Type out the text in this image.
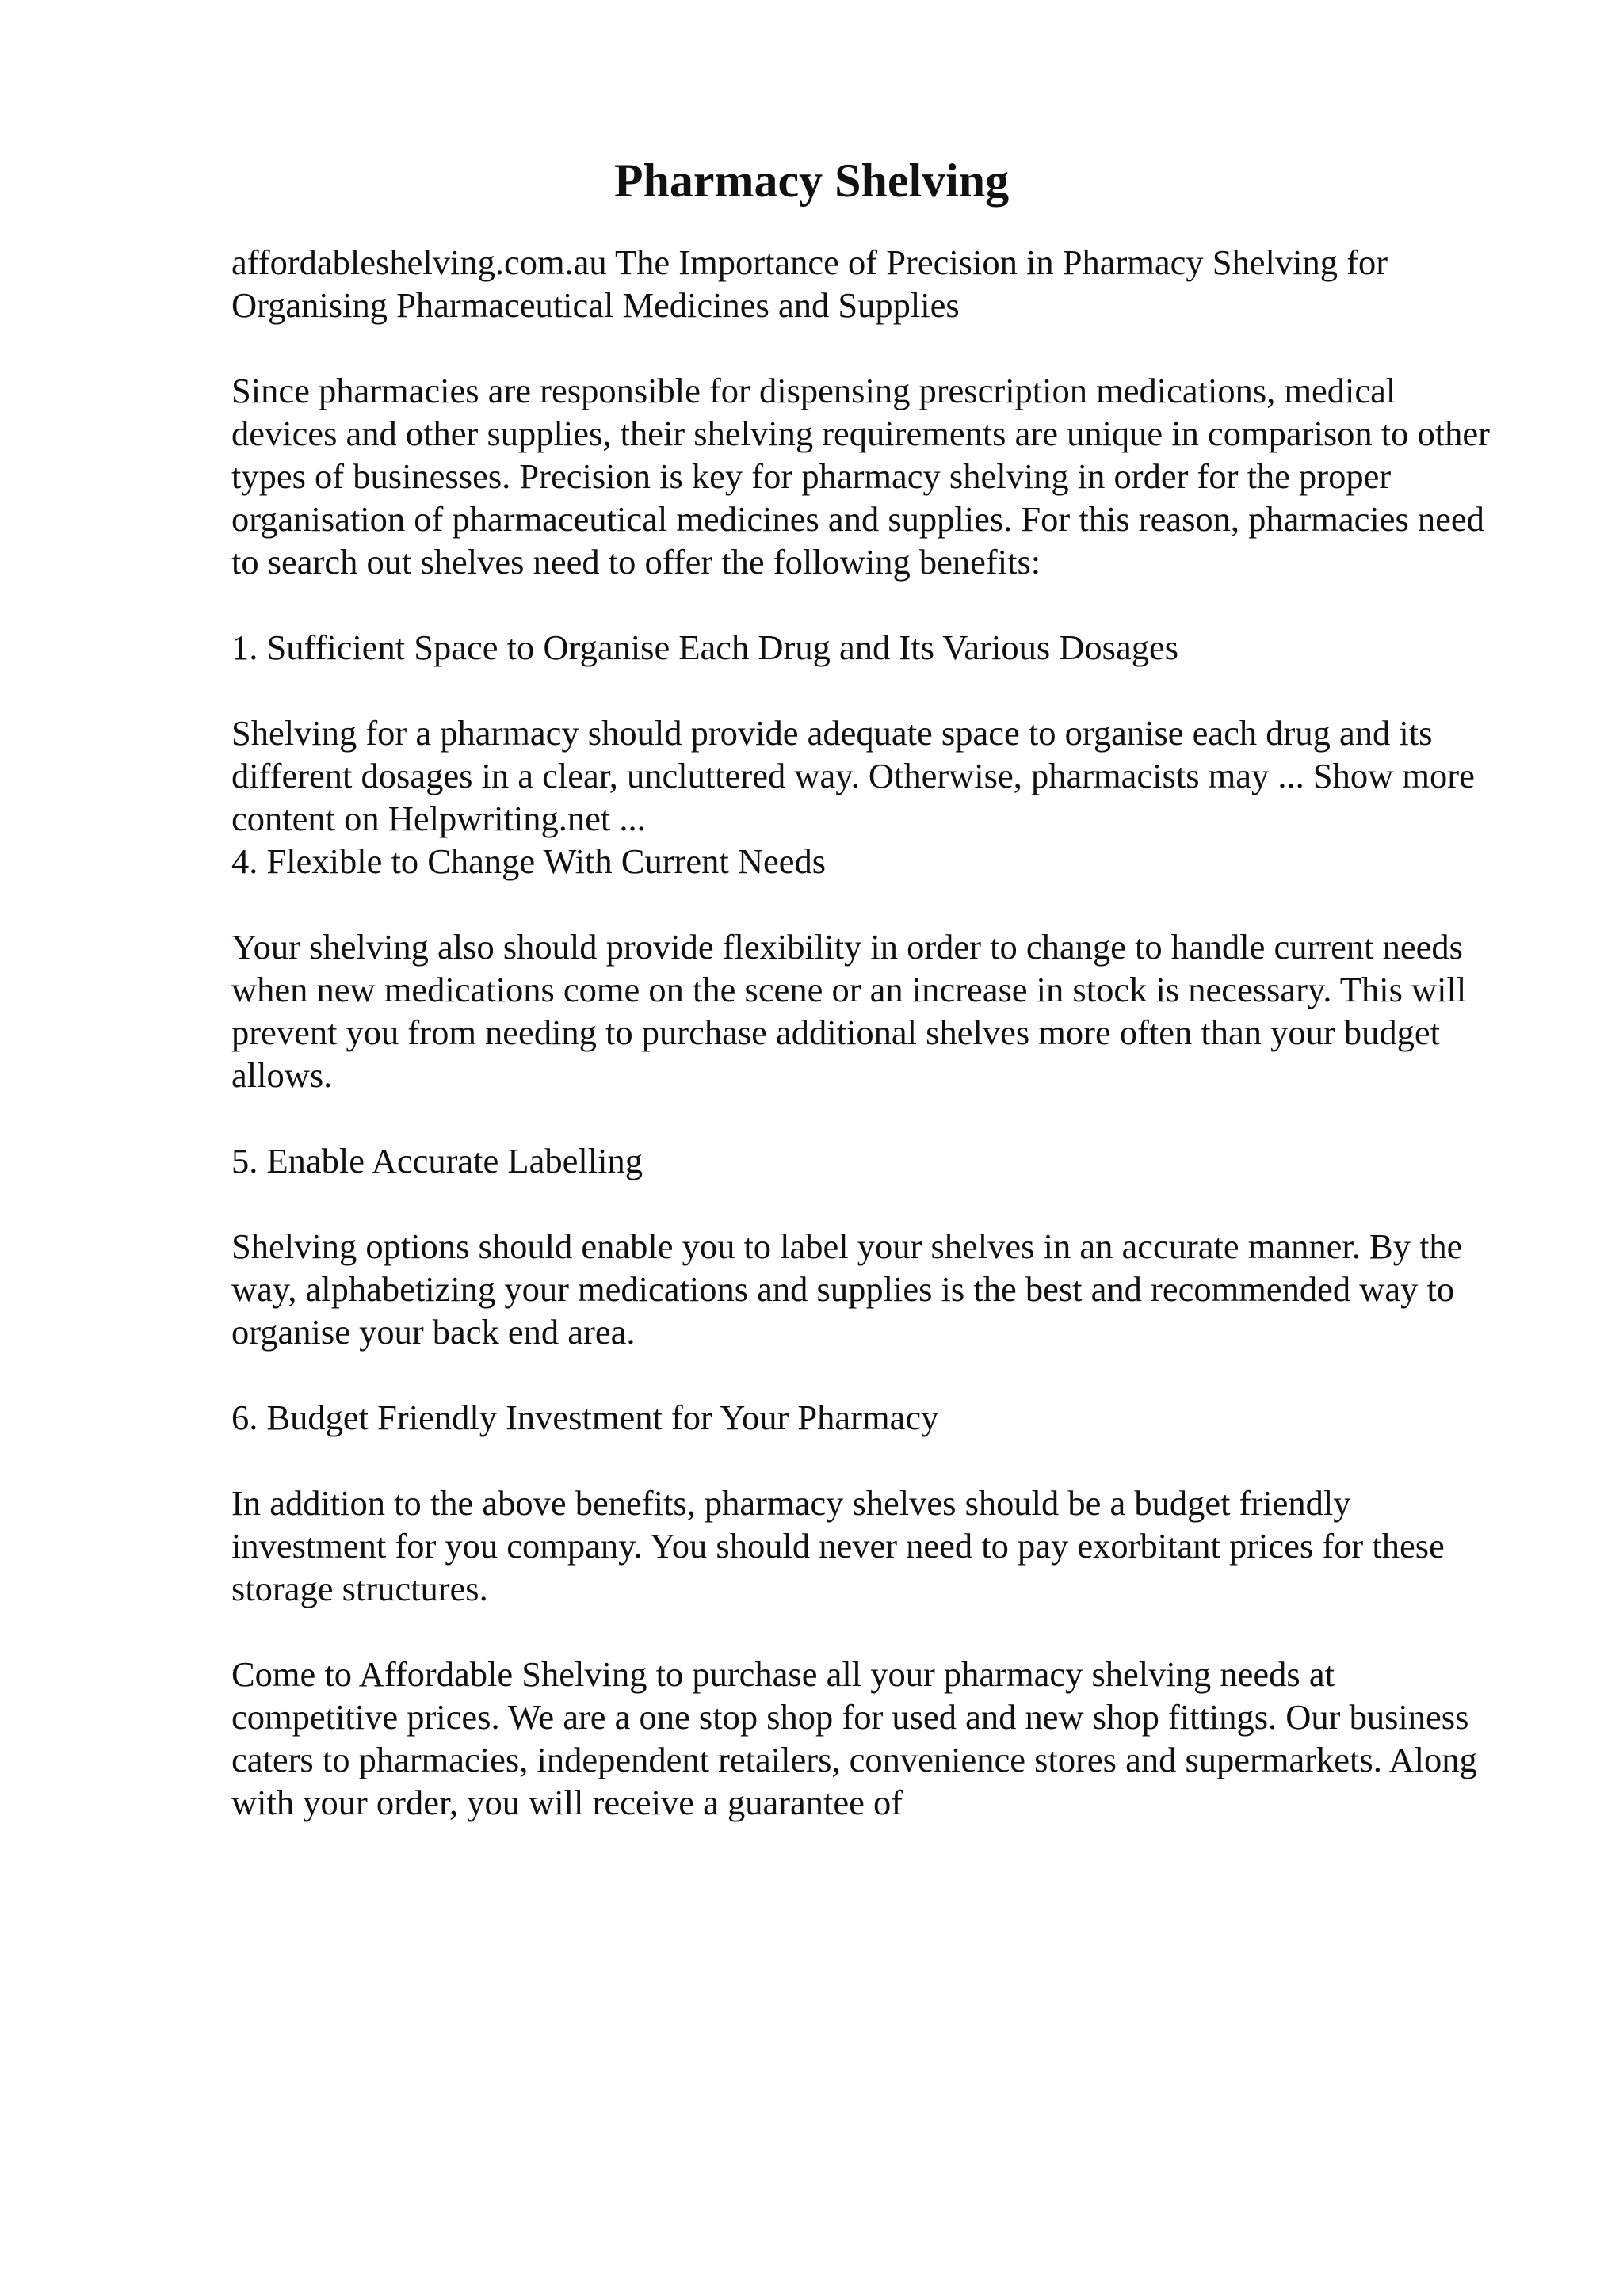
Pharmacy Shelving

affordableshelving.com.au The Importance of Precision in Pharmacy Shelving for Organising Pharmaceutical Medicines and Supplies

Since pharmacies are responsible for dispensing prescription medications, medical devices and other supplies, their shelving requirements are unique in comparison to other types of businesses. Precision is key for pharmacy shelving in order for the proper organisation of pharmaceutical medicines and supplies. For this reason, pharmacies need to search out shelves need to offer the following benefits:

1. Sufficient Space to Organise Each Drug and Its Various Dosages

Shelving for a pharmacy should provide adequate space to organise each drug and its different dosages in a clear, uncluttered way. Otherwise, pharmacists may ... Show more content on Helpwriting.net ...

4. Flexible to Change With Current Needs

Your shelving also should provide flexibility in order to change to handle current needs when new medications come on the scene or an increase in stock is necessary. This will prevent you from needing to purchase additional shelves more often than your budget allows.

5. Enable Accurate Labelling

Shelving options should enable you to label your shelves in an accurate manner. By the way, alphabetizing your medications and supplies is the best and recommended way to organise your back end area.

6. Budget Friendly Investment for Your Pharmacy

In addition to the above benefits, pharmacy shelves should be a budget friendly investment for you company. You should never need to pay exorbitant prices for these storage structures.

Come to Affordable Shelving to purchase all your pharmacy shelving needs at competitive prices. We are a one stop shop for used and new shop fittings. Our business caters to pharmacies, independent retailers, convenience stores and supermarkets. Along with your order, you will receive a guarantee of
